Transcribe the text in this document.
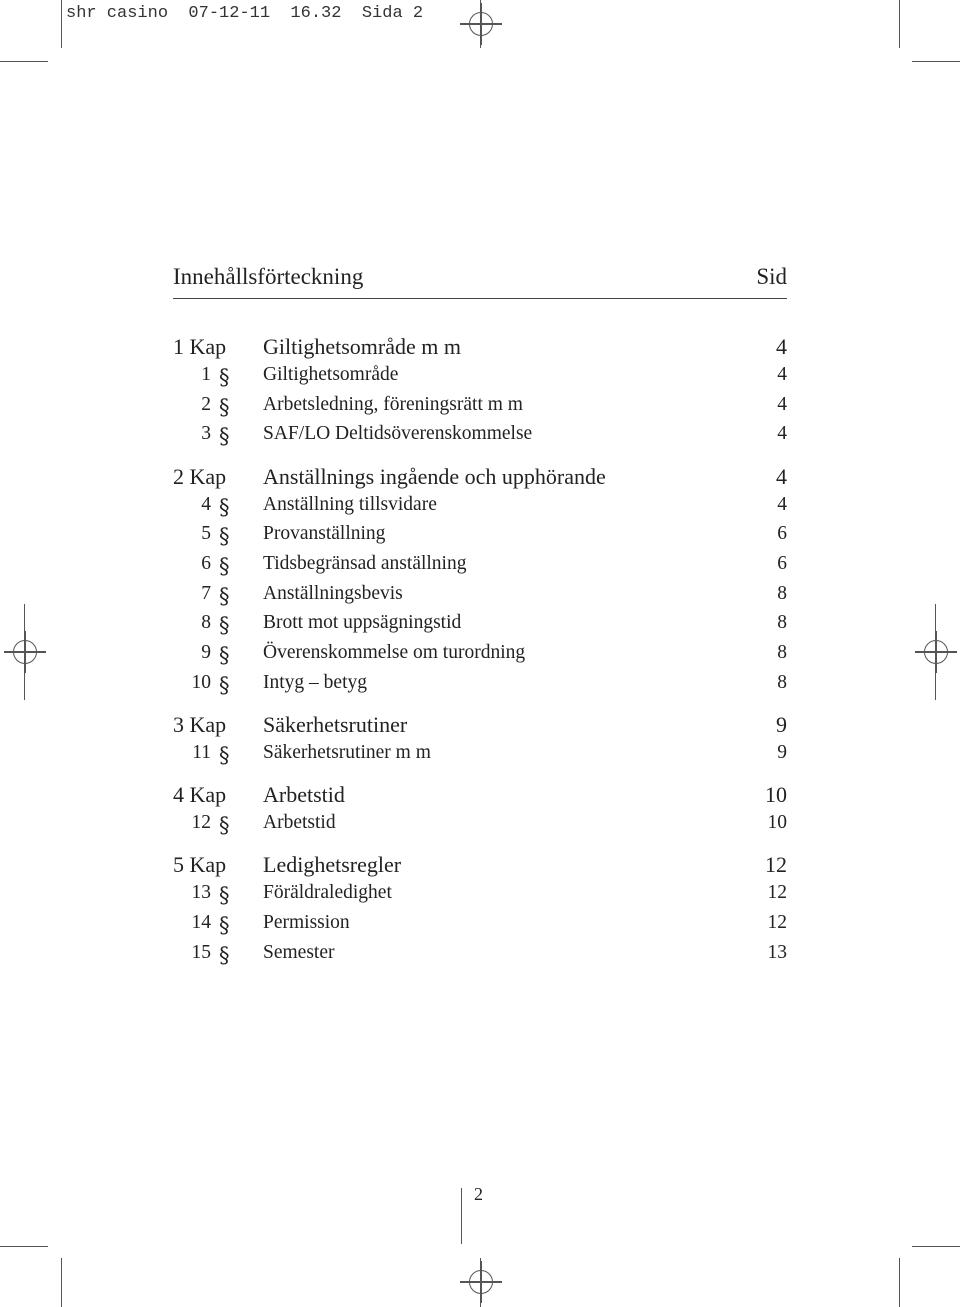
shr casino  07-12-11  16.32  Sida 2
Innehållsförteckning	Sid
1 Kap Giltighetsområde m m	4
1 § Giltighetsområde	4
2 § Arbetsledning, föreningsrätt m m	4
3 § SAF/LO Deltidsöverenskommelse	4
2 Kap Anställnings ingående och upphörande	4
4 § Anställning tillsvidare	4
5 § Provanställning	6
6 § Tidsbegränsad anställning	6
7 § Anställningsbevis	8
8 § Brott mot uppsägningstid	8
9 § Överenskommelse om turordning	8
10 § Intyg – betyg	8
3 Kap Säkerhetsrutiner	9
11 § Säkerhetsrutiner m m	9
4 Kap Arbetstid	10
12 § Arbetstid	10
5 Kap Ledighetsregler	12
13 § Föräldraledighet	12
14 § Permission	12
15 § Semester	13
2
